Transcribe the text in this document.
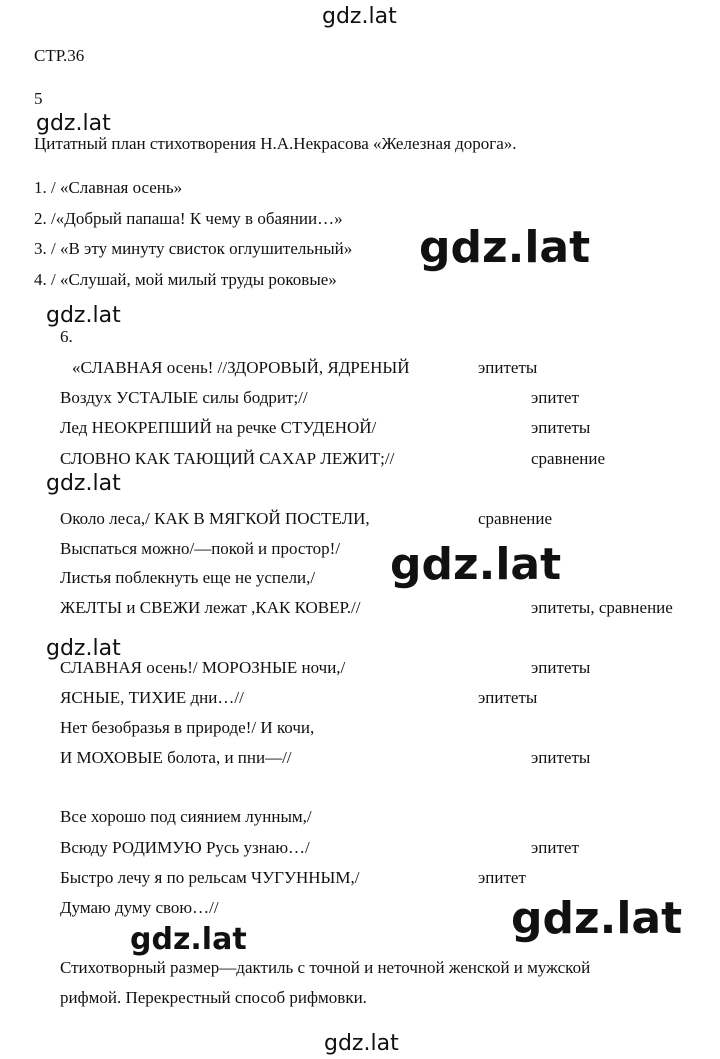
gdz.lat
gdz.lat
gdz.lat
gdz.lat
gdz.lat
gdz.lat
gdz.lat
gdz.lat
gdz.lat
gdz.lat
СТР.36
5
Цитатный план стихотворения Н.А.Некрасова «Железная дорога».
1. / «Славная осень»
2. /«Добрый папаша! К чему в обаянии…»
3. / «В эту минуту свисток оглушительный»
4. / «Слушай, мой милый труды роковые»
6.
«СЛАВНАЯ осень! //ЗДОРОВЫЙ, ЯДРЕНЫЙ	эпитеты
Воздух УСТАЛЫЕ силы бодрит;//	эпитет
Лед НЕОКРЕПШИЙ на речке СТУДЕНОЙ/	эпитеты
СЛОВНО КАК ТАЮЩИЙ САХАР ЛЕЖИТ;//	сравнение
Около леса,/ КАК В МЯГКОЙ ПОСТЕЛИ,	сравнение
Выспаться можно/—покой и простор!/
Листья поблекнуть еще не успели,/
ЖЕЛТЫ и СВЕЖИ лежат ,КАК КОВЕР.//	эпитеты, сравнение
СЛАВНАЯ осень!/ МОРОЗНЫЕ ночи,/	эпитеты
ЯСНЫЕ, ТИХИЕ дни…//	эпитеты
Нет безобразья в природе!/ И кочи,
И МОХОВЫЕ болота, и пни—//	эпитеты
Все хорошо под сиянием лунным,/
Всюду РОДИМУЮ Русь узнаю…/	эпитет
Быстро лечу я по рельсам ЧУГУННЫМ,/	эпитет
Думаю думу свою…//
Стихотворный размер—дактиль с точной и неточной женской и мужской
рифмой. Перекрестный способ рифмовки.
